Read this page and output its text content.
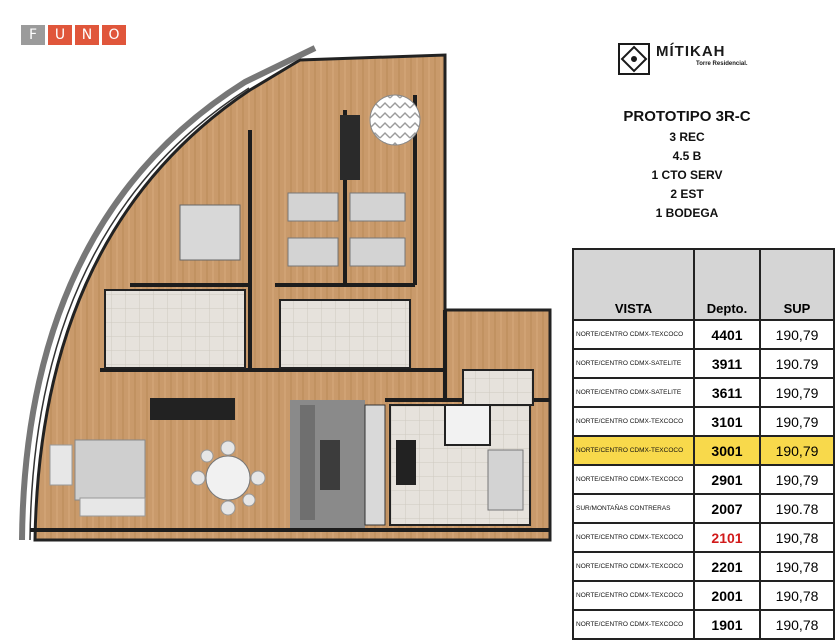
F	U	N	O
MÍTIKAH
Torre Residencial.
PROTOTIPO 3R-C
3 REC
4.5 B
1 CTO SERV
2 EST
1 BODEGA
VISTA	Depto.	SUP
NORTE/CENTRO CDMX-TEXCOCO	4401	190,79
NORTE/CENTRO CDMX-SATELITE	3911	190.79
NORTE/CENTRO CDMX-SATELITE	3611	190,79
NORTE/CENTRO CDMX-TEXCOCO	3101	190,79
NORTE/CENTRO CDMX-TEXCOCO	3001	190,79
NORTE/CENTRO CDMX-TEXCOCO	2901	190,79
SUR/MONTAÑAS CONTRERAS	2007	190.78
NORTE/CENTRO CDMX-TEXCOCO	2101	190,78
NORTE/CENTRO CDMX-TEXCOCO	2201	190,78
NORTE/CENTRO CDMX-TEXCOCO	2001	190,78
NORTE/CENTRO CDMX-TEXCOCO	1901	190,78
